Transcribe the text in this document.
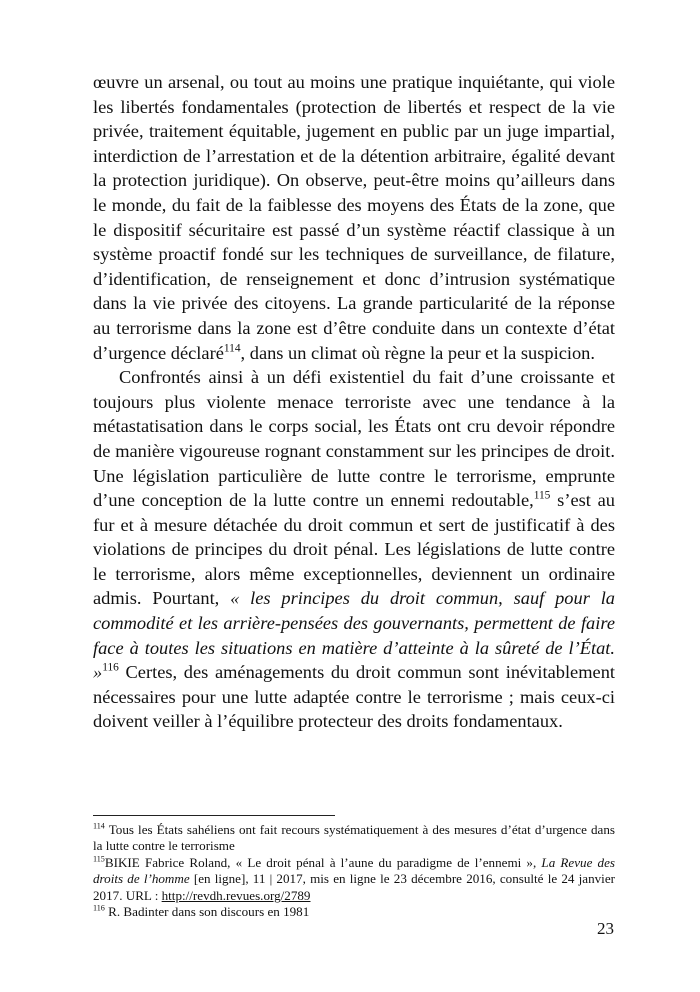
œuvre un arsenal, ou tout au moins une pratique inquiétante, qui viole les libertés fondamentales (protection de libertés et respect de la vie privée, traitement équitable, jugement en public par un juge impartial, interdiction de l’arrestation et de la détention arbitraire, égalité devant la protection juridique). On observe, peut-être moins qu’ailleurs dans le monde, du fait de la faiblesse des moyens des États de la zone, que le dispositif sécuritaire est passé d’un système réactif classique à un système proactif fondé sur les techniques de surveillance, de filature, d’identification, de renseignement et donc d’intrusion systématique dans la vie privée des citoyens. La grande particularité de la réponse au terrorisme dans la zone est d’être conduite dans un contexte d’état d’urgence déclaré$^{114}$, dans un climat où règne la peur et la suspicion.

Confrontés ainsi à un défi existentiel du fait d’une croissante et toujours plus violente menace terroriste avec une tendance à la métastatisation dans le corps social, les États ont cru devoir répondre de manière vigoureuse rognant constamment sur les principes de droit. Une législation particulière de lutte contre le terrorisme, emprunte d’une conception de la lutte contre un ennemi redoutable,$^{115}$ s’est au fur et à mesure détachée du droit commun et sert de justificatif à des violations de principes du droit pénal. Les législations de lutte contre le terrorisme, alors même exceptionnelles, deviennent un ordinaire admis. Pourtant, « les principes du droit commun, sauf pour la commodité et les arrière-pensées des gouvernants, permettent de faire face à toutes les situations en matière d’atteinte à la sûreté de l’État. »$^{116}$ Certes, des aménagements du droit commun sont inévitablement nécessaires pour une lutte adaptée contre le terrorisme ; mais ceux-ci doivent veiller à l’équilibre protecteur des droits fondamentaux.

$^{114}$ Tous les États sahéliens ont fait recours systématiquement à des mesures d’état d’urgence dans la lutte contre le terrorisme

$^{115}$BIKIE Fabrice Roland, « Le droit pénal à l’aune du paradigme de l’ennemi », La Revue des droits de l’homme [en ligne], 11 | 2017, mis en ligne le 23 décembre 2016, consulté le 24 janvier 2017. URL : http://revdh.revues.org/2789

$^{116}$ R. Badinter dans son discours en 1981

23
